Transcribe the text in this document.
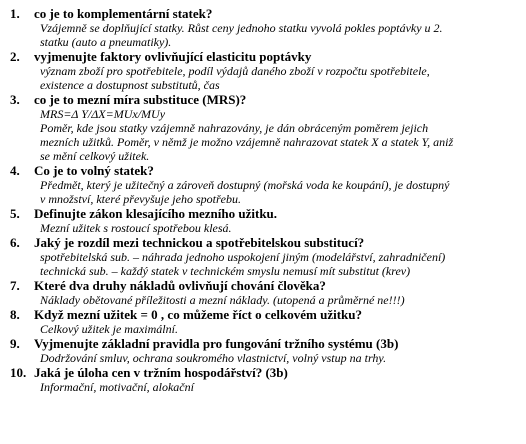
1.	co je to komplementární statek?
Vzájemně se doplňující statky. Růst ceny jednoho statku vyvolá pokles poptávky u 2.
statku (auto a pneumatiky).
2.	vyjmenujte faktory ovlivňující elasticitu poptávky
význam zboží pro spotřebitele, podíl výdajů daného zboží v rozpočtu spotřebitele,
existence a dostupnost substitutů, čas
3.	co je to mezní míra substituce (MRS)?
MRS=Δ Y/ΔX=MUx/MUy
Poměr, kde jsou statky vzájemně nahrazovány, je dán obráceným poměrem jejich
mezních užitků. Poměr, v němž je možno vzájemně nahrazovat statek X a statek Y, aniž
se mění celkový užitek.
4.	Co je to volný statek?
Předmět, který je užitečný a zároveň dostupný (mořská voda ke koupání), je dostupný
v množství, které převyšuje jeho spotřebu.
5.	Definujte zákon klesajícího mezního užitku.
Mezní užitek s rostoucí spotřebou klesá.
6.	Jaký je rozdíl mezi technickou a spotřebitelskou substitucí?
spotřebitelská sub. – náhrada jednoho uspokojení jiným (modelářství, zahradničení)
technická sub. – každý statek v technickém smyslu nemusí mít substitut (krev)
7.	Které dva druhy nákladů ovlivňují chování člověka?
Náklady obětované příležitosti a mezní náklady. (utopená a průměrné ne!!!)
8.	Když mezní užitek = 0 , co můžeme říct o celkovém užitku?
Celkový užitek je maximální.
9.	Vyjmenujte základní pravidla pro fungování tržního systému (3b)
Dodržování smluv, ochrana soukromého vlastnictví, volný vstup na trhy.
10. Jaká je úloha cen v tržním hospodářství? (3b)
Informační, motivační, alokační
